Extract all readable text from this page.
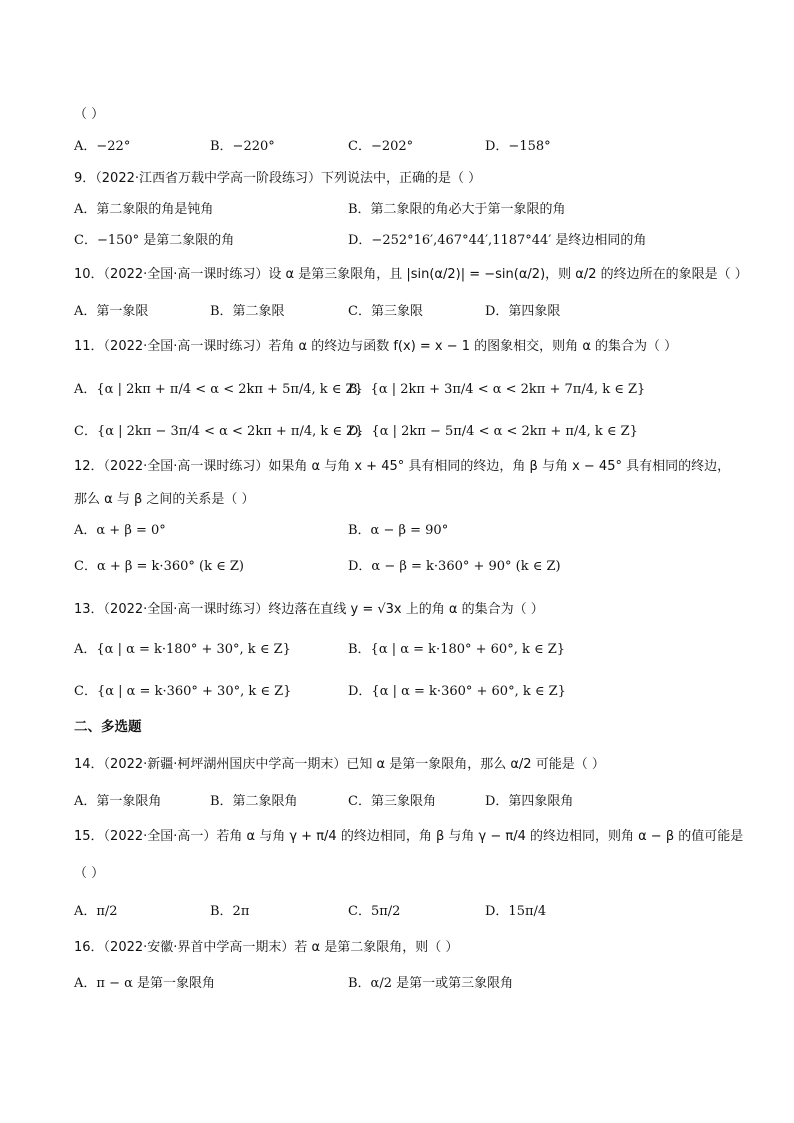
（ ）
A．−22°	B．−220°	C．−202°	D．−158°
9．（2022·江西省万载中学高一阶段练习）下列说法中，正确的是（ ）
A．第二象限的角是钝角	B．第二象限的角必大于第一象限的角
C．−150° 是第二象限的角	D．−252°16′,467°44′,1187°44′ 是终边相同的角
10．（2022·全国·高一课时练习）设 α 是第三象限角，且 |sin(α/2)| = −sin(α/2)，则 α/2 的终边所在的象限是（ ）
A．第一象限	B．第二象限	C．第三象限	D．第四象限
11．（2022·全国·高一课时练习）若角 α 的终边与函数 f(x) = x − 1 的图象相交，则角 α 的集合为（ ）
A．{α | 2kπ + π/4 < α < 2kπ + 5π/4, k ∈ Z}
B．{α | 2kπ + 3π/4 < α < 2kπ + 7π/4, k ∈ Z}
C．{α | 2kπ − 3π/4 < α < 2kπ + π/4, k ∈ Z}
D．{α | 2kπ − 5π/4 < α < 2kπ + π/4, k ∈ Z}
12．（2022·全国·高一课时练习）如果角 α 与角 x + 45° 具有相同的终边，角 β 与角 x − 45° 具有相同的终边，
那么 α 与 β 之间的关系是（ ）
A．α + β = 0°	B．α − β = 90°
C．α + β = k·360° (k ∈ Z)	D．α − β = k·360° + 90° (k ∈ Z)
13．（2022·全国·高一课时练习）终边落在直线 y = √3x 上的角 α 的集合为（ ）
A．{α | α = k·180° + 30°, k ∈ Z}	B．{α | α = k·180° + 60°, k ∈ Z}
C．{α | α = k·360° + 30°, k ∈ Z}	D．{α | α = k·360° + 60°, k ∈ Z}
二、多选题
14．（2022·新疆·柯坪湖州国庆中学高一期末）已知 α 是第一象限角，那么 α/2 可能是（ ）
A．第一象限角	B．第二象限角	C．第三象限角	D．第四象限角
15．（2022·全国·高一）若角 α 与角 γ + π/4 的终边相同，角 β 与角 γ − π/4 的终边相同，则角 α − β 的值可能是
（ ）
A．π/2	B．2π	C．5π/2	D．15π/4
16．（2022·安徽·界首中学高一期末）若 α 是第二象限角，则（ ）
A．π − α 是第一象限角	B．α/2 是第一或第三象限角
